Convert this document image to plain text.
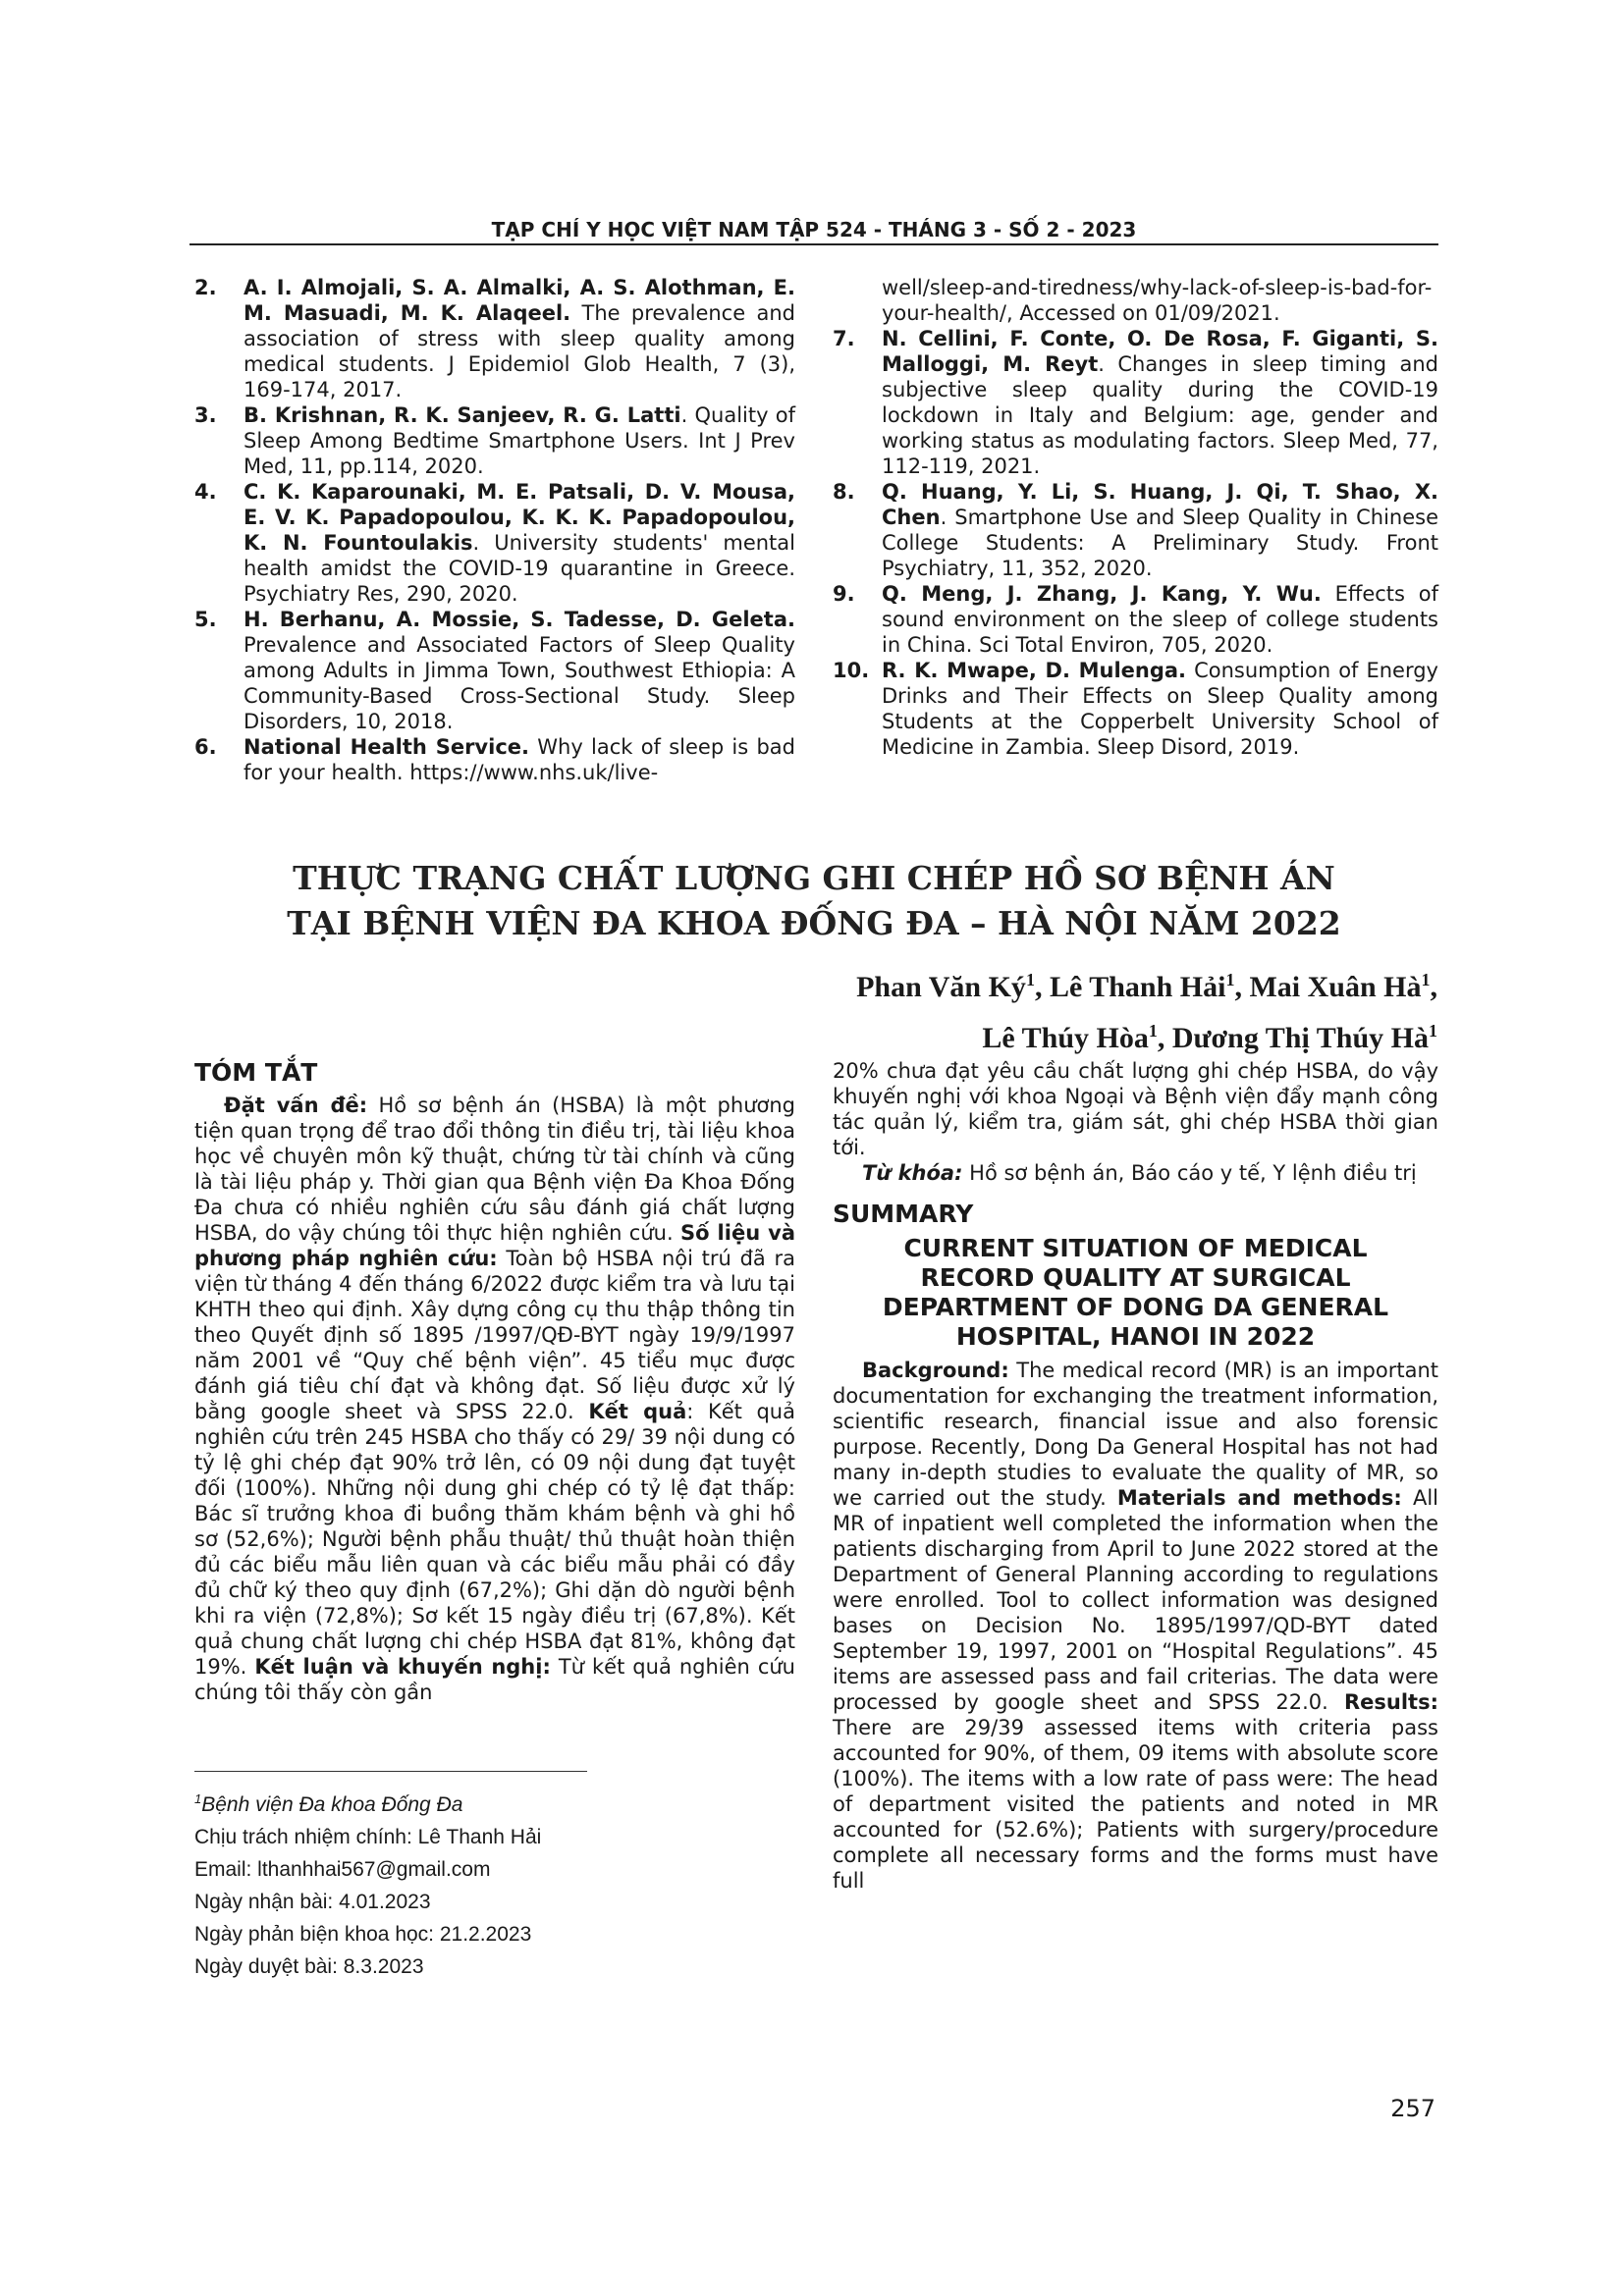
TẠP CHÍ Y HỌC VIỆT NAM TẬP 524 - THÁNG 3 - SỐ 2 - 2023
2.	A. I. Almojali, S. A. Almalki, A. S. Alothman, E. M. Masuadi, M. K. Alaqeel. The prevalence and association of stress with sleep quality among medical students. J Epidemiol Glob Health, 7 (3), 169-174, 2017.
3.	B. Krishnan, R. K. Sanjeev, R. G. Latti. Quality of Sleep Among Bedtime Smartphone Users. Int J Prev Med, 11, pp.114, 2020.
4.	C. K. Kaparounaki, M. E. Patsali, D. V. Mousa, E. V. K. Papadopoulou, K. K. K. Papadopoulou, K. N. Fountoulakis. University students' mental health amidst the COVID-19 quarantine in Greece. Psychiatry Res, 290, 2020.
5.	H. Berhanu, A. Mossie, S. Tadesse, D. Geleta. Prevalence and Associated Factors of Sleep Quality among Adults in Jimma Town, Southwest Ethiopia: A Community-Based Cross-Sectional Study. Sleep Disorders, 10, 2018.
6.	National Health Service. Why lack of sleep is bad for your health. https://www.nhs.uk/live-
well/sleep-and-tiredness/why-lack-of-sleep-is-bad-for-your-health/, Accessed on 01/09/2021.
7.	N. Cellini, F. Conte, O. De Rosa, F. Giganti, S. Malloggi, M. Reyt. Changes in sleep timing and subjective sleep quality during the COVID-19 lockdown in Italy and Belgium: age, gender and working status as modulating factors. Sleep Med, 77, 112-119, 2021.
8.	Q. Huang, Y. Li, S. Huang, J. Qi, T. Shao, X. Chen. Smartphone Use and Sleep Quality in Chinese College Students: A Preliminary Study. Front Psychiatry, 11, 352, 2020.
9.	Q. Meng, J. Zhang, J. Kang, Y. Wu. Effects of sound environment on the sleep of college students in China. Sci Total Environ, 705, 2020.
10. R. K. Mwape, D. Mulenga. Consumption of Energy Drinks and Their Effects on Sleep Quality among Students at the Copperbelt University School of Medicine in Zambia. Sleep Disord, 2019.
THỰC TRẠNG CHẤT LƯỢNG GHI CHÉP HỒ SƠ BỆNH ÁN
TẠI BỆNH VIỆN ĐA KHOA ĐỐNG ĐA – HÀ NỘI NĂM 2022
Phan Văn $Ký^1$, Lê Thanh Hải$^1$, Mai Xuân $Hà^1$,
Lê Thúy Hòa$^1$, Dương Thị Thúy $Hà^1$
TÓM TẮT

Đặt vấn đề: Hồ sơ bệnh án (HSBA) là một phương tiện quan trọng để trao đổi thông tin điều trị, tài liệu khoa học về chuyên môn kỹ thuật, chứng từ tài chính và cũng là tài liệu pháp y. Thời gian qua Bệnh viện Đa Khoa Đống Đa chưa có nhiều nghiên cứu sâu đánh giá chất lượng HSBA, do vậy chúng tôi thực hiện nghiên cứu. Số liệu và phương pháp nghiên cứu: Toàn bộ HSBA nội trú đã ra viện từ tháng 4 đến tháng 6/2022 được kiểm tra và lưu tại KHTH theo qui định. Xây dựng công cụ thu thập thông tin theo Quyết định số 1895 /1997/QĐ-BYT ngày 19/9/1997 năm 2001 về “Quy chế bệnh viện”. 45 tiểu mục được đánh giá tiêu chí đạt và không đạt. Số liệu được xử lý bằng google sheet và SPSS 22.0. Kết quả: Kết quả nghiên cứu trên 245 HSBA cho thấy có 29/ 39 nội dung có tỷ lệ ghi chép đạt 90% trở lên, có 09 nội dung đạt tuyệt đối (100%). Những nội dung ghi chép có tỷ lệ đạt thấp: Bác sĩ trưởng khoa đi buồng thăm khám bệnh và ghi hồ sơ (52,6%); Người bệnh phẫu thuật/ thủ thuật hoàn thiện đủ các biểu mẫu liên quan và các biểu mẫu phải có đầy đủ chữ ký theo quy định (67,2%); Ghi dặn dò người bệnh khi ra viện (72,8%); Sơ kết 15 ngày điều trị (67,8%). Kết quả chung chất lượng chi chép HSBA đạt 81%, không đạt 19%. Kết luận và khuyến nghị: Từ kết quả nghiên cứu chúng tôi thấy còn gần

$^1$Bệnh viện Đa khoa Đống Đa
Chịu trách nhiệm chính: Lê Thanh Hải
Email: lthanhhai567@gmail.com
Ngày nhận bài: 4.01.2023
Ngày phản biện khoa học: 21.2.2023
Ngày duyệt bài: 8.3.2023

20% chưa đạt yêu cầu chất lượng ghi chép HSBA, do vậy khuyến nghị với khoa Ngoại và Bệnh viện đẩy mạnh công tác quản lý, kiểm tra, giám sát, ghi chép HSBA thời gian tới.

Từ khóa: Hồ sơ bệnh án, Báo cáo y tế, Y lệnh điều trị

SUMMARY
CURRENT SITUATION OF MEDICAL RECORD QUALITY AT SURGICAL DEPARTMENT OF DONG DA GENERAL HOSPITAL, HANOI IN 2022

Background: The medical record (MR) is an important documentation for exchanging the treatment information, scientific research, financial issue and also forensic purpose. Recently, Dong Da General Hospital has not had many in-depth studies to evaluate the quality of MR, so we carried out the study. Materials and methods: All MR of inpatient well completed the information when the patients discharging from April to June 2022 stored at the Department of General Planning according to regulations were enrolled. Tool to collect information was designed bases on Decision No. 1895/1997/QD-BYT dated September 19, 1997, 2001 on “Hospital Regulations”. 45 items are assessed pass and fail criterias. The data were processed by google sheet and SPSS 22.0. Results: There are 29/39 assessed items with criteria pass accounted for 90%, of them, 09 items with absolute score (100%). The items with a low rate of pass were: The head of department visited the patients and noted in MR accounted for (52.6%); Patients with surgery/procedure complete all necessary forms and the forms must have full

257
